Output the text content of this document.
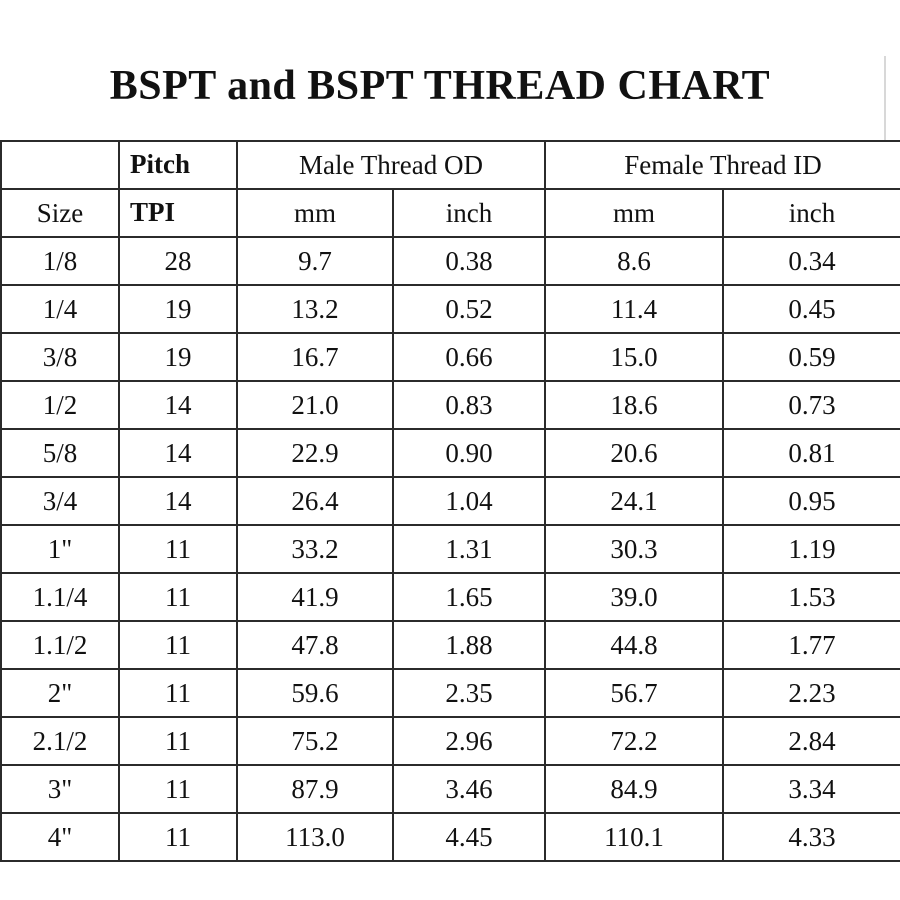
BSPT and BSPT THREAD CHART

	Pitch	Male Thread OD		Female Thread ID	
Size	TPI	mm	inch	mm	inch
1/8	28	9.7	0.38	8.6	0.34
1/4	19	13.2	0.52	11.4	0.45
3/8	19	16.7	0.66	15.0	0.59
1/2	14	21.0	0.83	18.6	0.73
5/8	14	22.9	0.90	20.6	0.81
3/4	14	26.4	1.04	24.1	0.95
1"	11	33.2	1.31	30.3	1.19
1.1/4	11	41.9	1.65	39.0	1.53
1.1/2	11	47.8	1.88	44.8	1.77
2"	11	59.6	2.35	56.7	2.23
2.1/2	11	75.2	2.96	72.2	2.84
3"	11	87.9	3.46	84.9	3.34
4"	11	113.0	4.45	110.1	4.33
